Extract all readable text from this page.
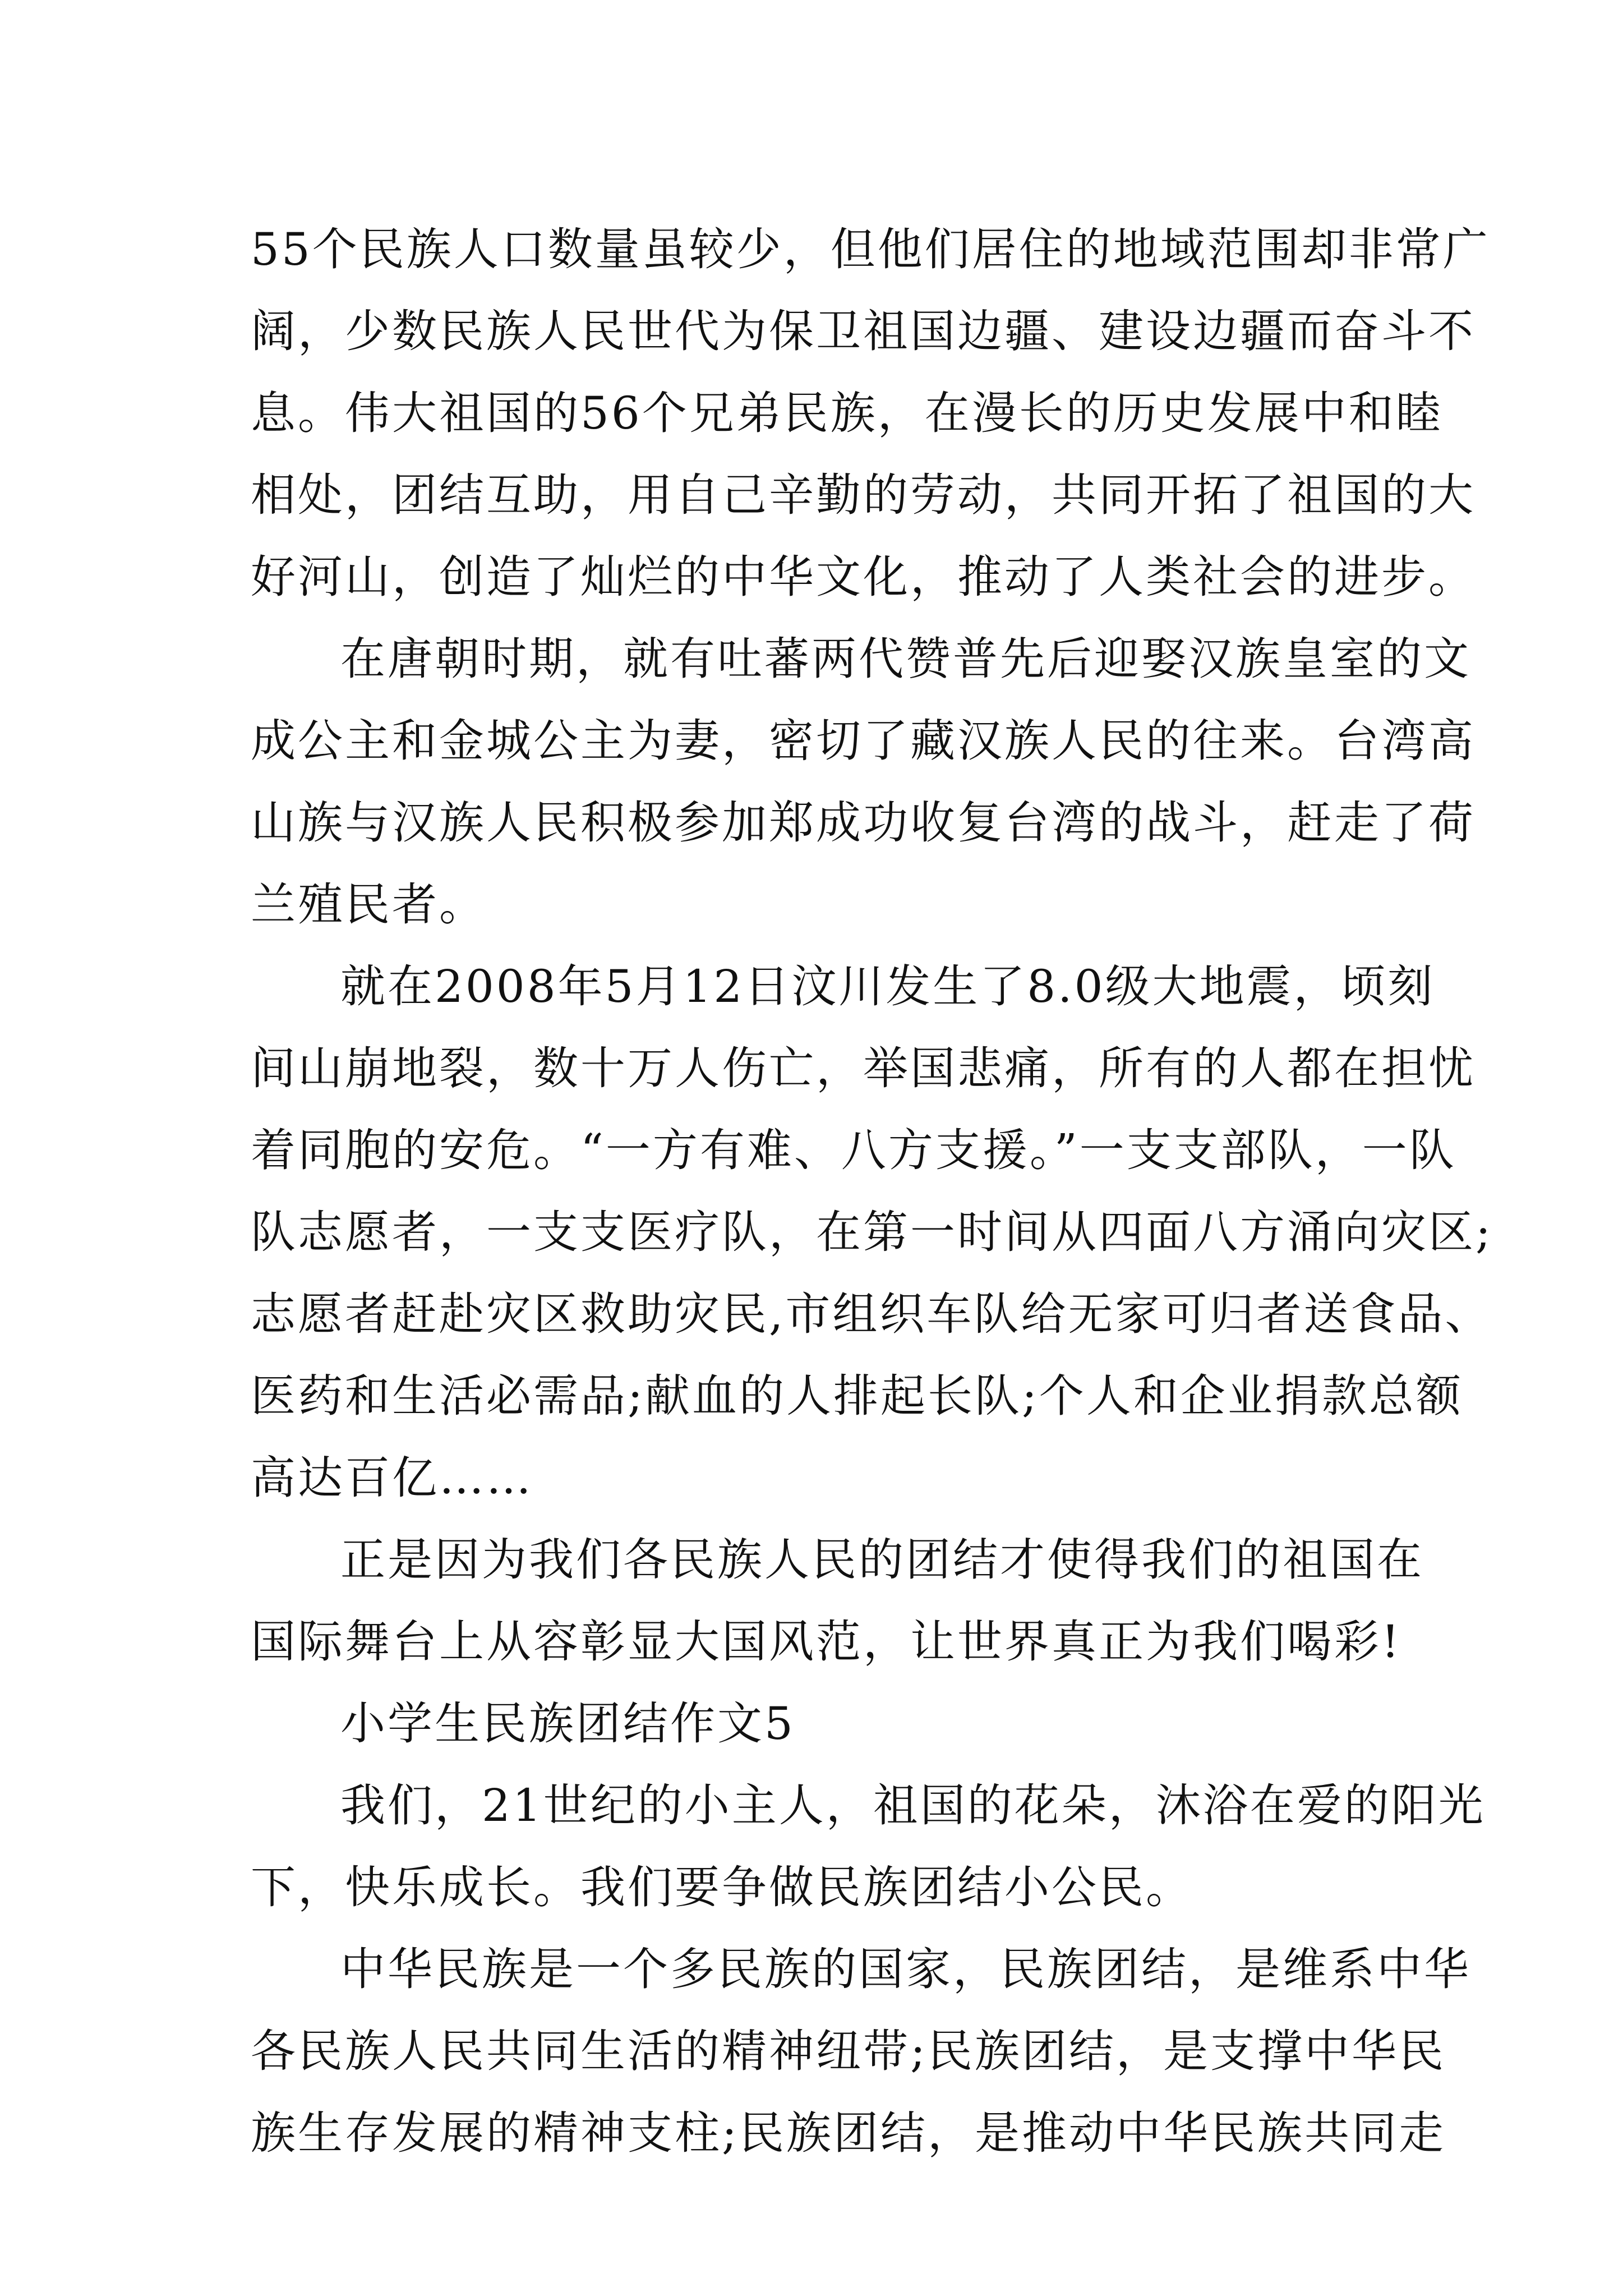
55个民族人口数量虽较少，但他们居住的地域范围却非常广
阔，少数民族人民世代为保卫祖国边疆、建设边疆而奋斗不
息。伟大祖国的56个兄弟民族，在漫长的历史发展中和睦
相处，团结互助，用自己辛勤的劳动，共同开拓了祖国的大
好河山，创造了灿烂的中华文化，推动了人类社会的进步。
在唐朝时期，就有吐蕃两代赞普先后迎娶汉族皇室的文
成公主和金城公主为妻，密切了藏汉族人民的往来。台湾高
山族与汉族人民积极参加郑成功收复台湾的战斗，赶走了荷
兰殖民者。
就在2008年5月12日汶川发生了8.0级大地震，顷刻
间山崩地裂，数十万人伤亡，举国悲痛，所有的人都在担忧
着同胞的安危。“一方有难、八方支援。”一支支部队，一队
队志愿者，一支支医疗队，在第一时间从四面八方涌向灾区;
志愿者赶赴灾区救助灾民,市组织车队给无家可归者送食品、
医药和生活必需品;献血的人排起长队;个人和企业捐款总额
高达百亿……
正是因为我们各民族人民的团结才使得我们的祖国在
国际舞台上从容彰显大国风范，让世界真正为我们喝彩!
小学生民族团结作文5
我们，21世纪的小主人，祖国的花朵，沐浴在爱的阳光
下，快乐成长。我们要争做民族团结小公民。
中华民族是一个多民族的国家，民族团结，是维系中华
各民族人民共同生活的精神纽带;民族团结，是支撑中华民
族生存发展的精神支柱;民族团结，是推动中华民族共同走
